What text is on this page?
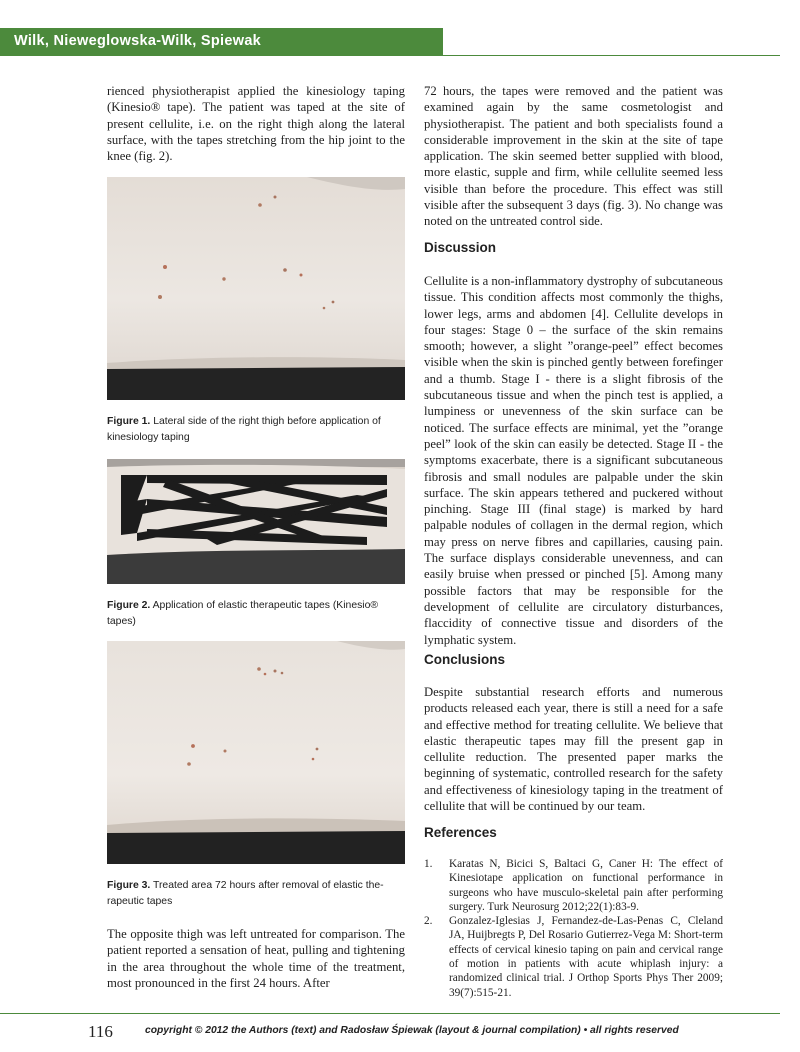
Wilk, Nieweglowska-Wilk, Spiewak

rienced physiotherapist applied the kinesiology taping (Kinesio® tape). The patient was taped at the site of present cellulite, i.e. on the right thigh along the lateral surface, with the tapes stretching from the hip joint to the knee (fig. 2).

Figure 1. Lateral side of the right thigh before application of kinesiology taping

Figure 2. Application of elastic therapeutic tapes (Kinesio® tapes)

Figure 3. Treated area 72 hours after removal of elastic the-rapeutic tapes

The opposite thigh was left untreated for comparison. The patient reported a sensation of heat, pulling and tightening in the area throughout the whole time of the treatment, most pronounced in the first 24 hours. After

72 hours, the tapes were removed and the patient was examined again by the same cosmetologist and physiotherapist. The patient and both specialists found a considerable improvement in the skin at the site of tape application. The skin seemed better supplied with blood, more elastic, supple and firm, while cellulite seemed less visible than before the procedure. This effect was still visible after the subsequent 3 days (fig. 3). No change was noted on the untreated control side.

Discussion

Cellulite is a non-inflammatory dystrophy of subcutaneous tissue. This condition affects most commonly the thighs, lower legs, arms and abdomen [4]. Cellulite develops in four stages: Stage 0 – the surface of the skin remains smooth; however, a slight ”orange-peel” effect becomes visible when the skin is pinched gently between forefinger and a thumb. Stage I - there is a slight fibrosis of the subcutaneous tissue and when the pinch test is applied, a lumpiness or unevenness of the skin surface can be noticed. The surface effects are minimal, yet the ”orange peel” look of the skin can easily be detected. Stage II - the symptoms exacerbate, there is a significant subcutaneous fibrosis and small nodules are palpable under the skin surface. The skin appears tethered and puckered without pinching. Stage III (final stage) is marked by hard palpable nodules of collagen in the dermal region, which may press on nerve fibres and capillaries, causing pain. The surface displays considerable unevenness, and can easily bruise when pressed or pinched [5]. Among many possible factors that may be responsible for the development of cellulite are circulatory disturbances, flaccidity of connective tissue and disorders of the lymphatic system.

Conclusions

Despite substantial research efforts and numerous products released each year, there is still a need for a safe and effective method for treating cellulite. We believe that elastic therapeutic tapes may fill the present gap in cellulite reduction. The presented paper marks the beginning of systematic, controlled research for the safety and effectiveness of kinesiology taping in the treatment of cellulite that will be continued by our team.

References
1. Karatas N, Bicici S, Baltaci G, Caner H: The effect of Kinesiotape application on functional performance in surgeons who have musculo-skeletal pain after performing surgery. Turk Neurosurg 2012;22(1):83-9.
2. Gonzalez-Iglesias J, Fernandez-de-Las-Penas C, Cleland JA, Huijbregts P, Del Rosario Gutierrez-Vega M: Short-term effects of cervical kinesio taping on pain and cervical range of motion in patients with acute whiplash injury: a randomized clinical trial. J Orthop Sports Phys Ther 2009; 39(7):515-21.
116	copyright © 2012 the Authors (text) and Radosław Śpiewak (layout & journal compilation) • all rights reserved
